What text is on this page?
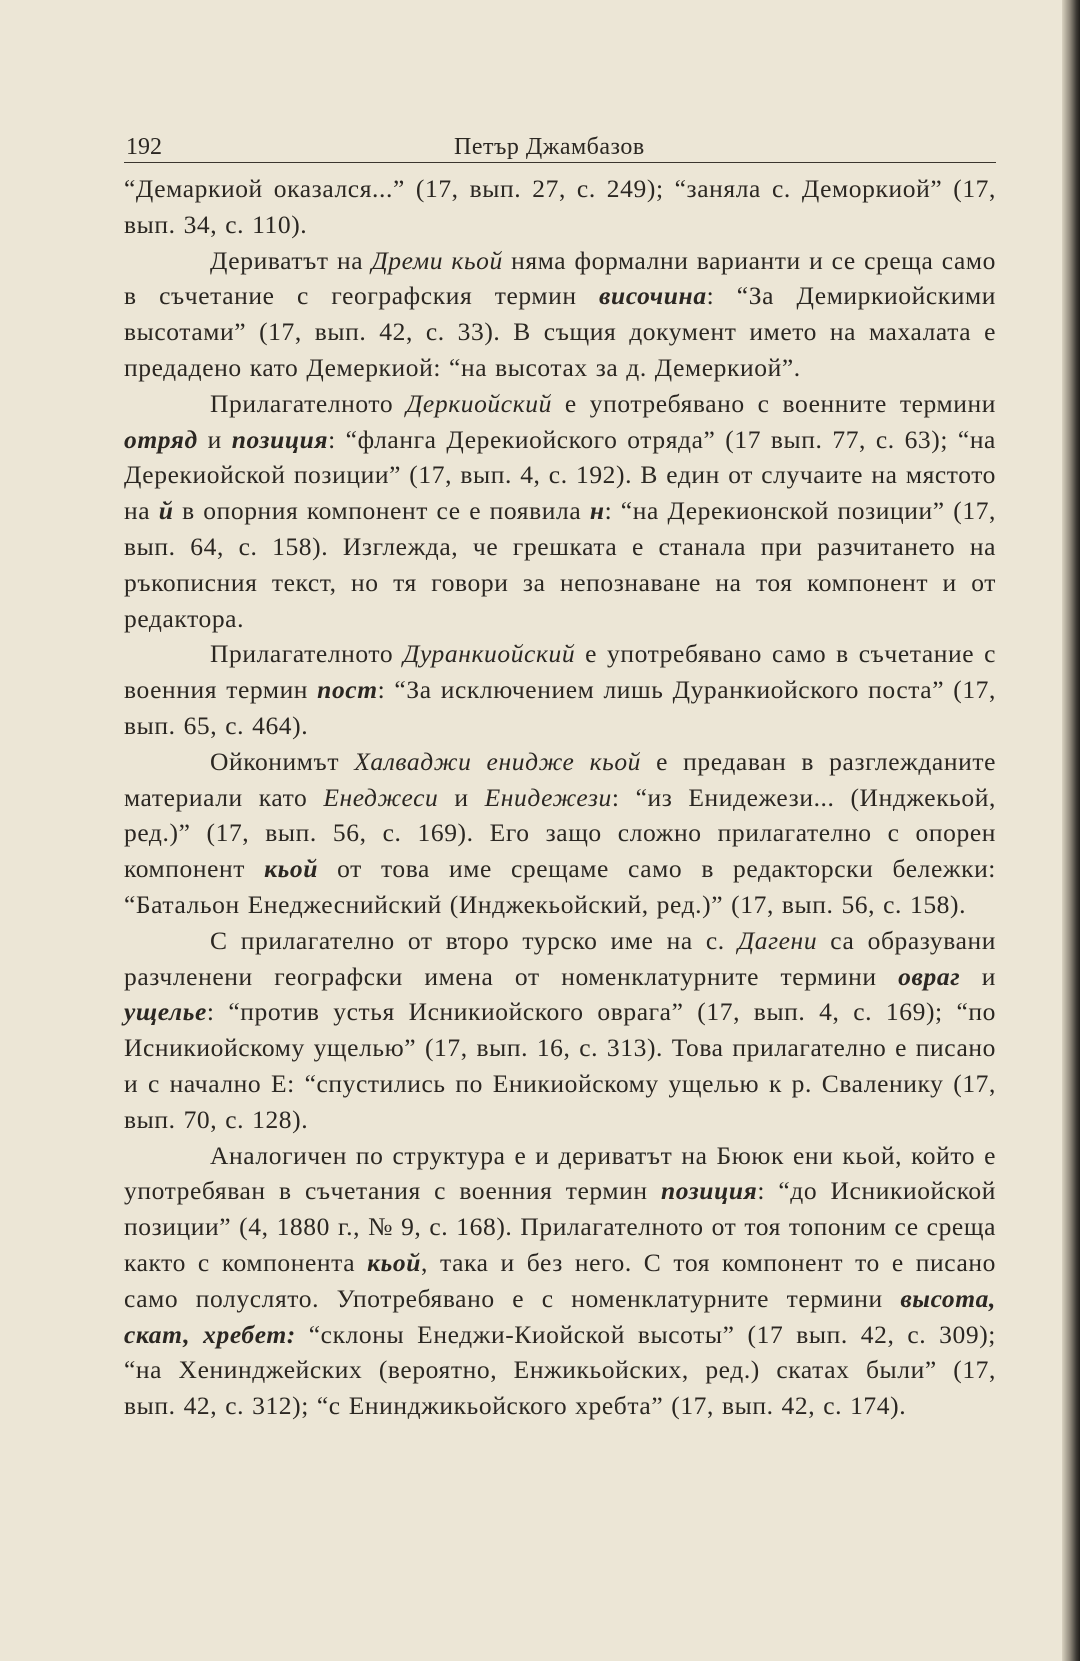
192	Петър Джамбазов

“Демаркиой оказался...” (17, вып. 27, с. 249); “заняла с. Деморкиой” (17, вып. 34, с. 110).

Дериватът на Дреми кьой няма формални варианти и се среща само в съчетание с географския термин височина: “За Демиркиойскими высотами” (17, вып. 42, с. 33). В същия документ името на махалата е предадено като Демеркиой: “на высотах за д. Демеркиой”.

Прилагателното Деркиойский е употребявано с военните термини отряд и позиция: “фланга Дерекиойского отряда” (17 вып. 77, с. 63); “на Дерекиойской позиции” (17, вып. 4, с. 192). В един от случаите на мястото на й в опорния компонент се е появила н: “на Дерекионской позиции” (17, вып. 64, с. 158). Изглежда, че грешката е станала при разчитането на ръкописния текст, но тя говори за непознаване на тоя компонент и от редактора.

Прилагателното Дуранкиойский е употребявано само в съчетание с военния термин пост: “За исключением лишь Дуранкиойского поста” (17, вып. 65, с. 464).

Ойконимът Халваджи енидже кьой е предаван в разглежданите материали като Енеджеси и Енидежези: “из Енидежези... (Инджекьой, ред.)” (17, вып. 56, с. 169). Его защо сложно прилагателно с опорен компонент кьой от това име срещаме само в редакторски бележки: “Батальон Енеджеснийский (Инджекьойский, ред.)” (17, вып. 56, с. 158).

С прилагателно от второ турско име на с. Дагени са образувани разчленени географски имена от номенклатурните термини овраг и ущелье: “против устья Исникиойского оврага” (17, вып. 4, с. 169); “по Исникиойскому ущелью” (17, вып. 16, с. 313). Това прилагателно е писано и с начално Е: “спустились по Еникиойскому ущелью к р. Сваленику (17, вып. 70, с. 128).

Аналогичен по структура е и дериватът на Бююк ени кьой, който е употребяван в съчетания с военния термин позиция: “до Исникиойской позиции” (4, 1880 г., № 9, с. 168). Прилагателното от тоя топоним се среща както с компонента кьой, така и без него. С тоя компонент то е писано само полуслято. Употребявано е с номенклатурните термини высота, скат, хребет: “склоны Енеджи-Киойской высоты” (17 вып. 42, с. 309); “на Хенинджейских (вероятно, Енжикьойских, ред.) скатах были” (17, вып. 42, с. 312); “с Енинджикьойского хребта” (17, вып. 42, с. 174).
